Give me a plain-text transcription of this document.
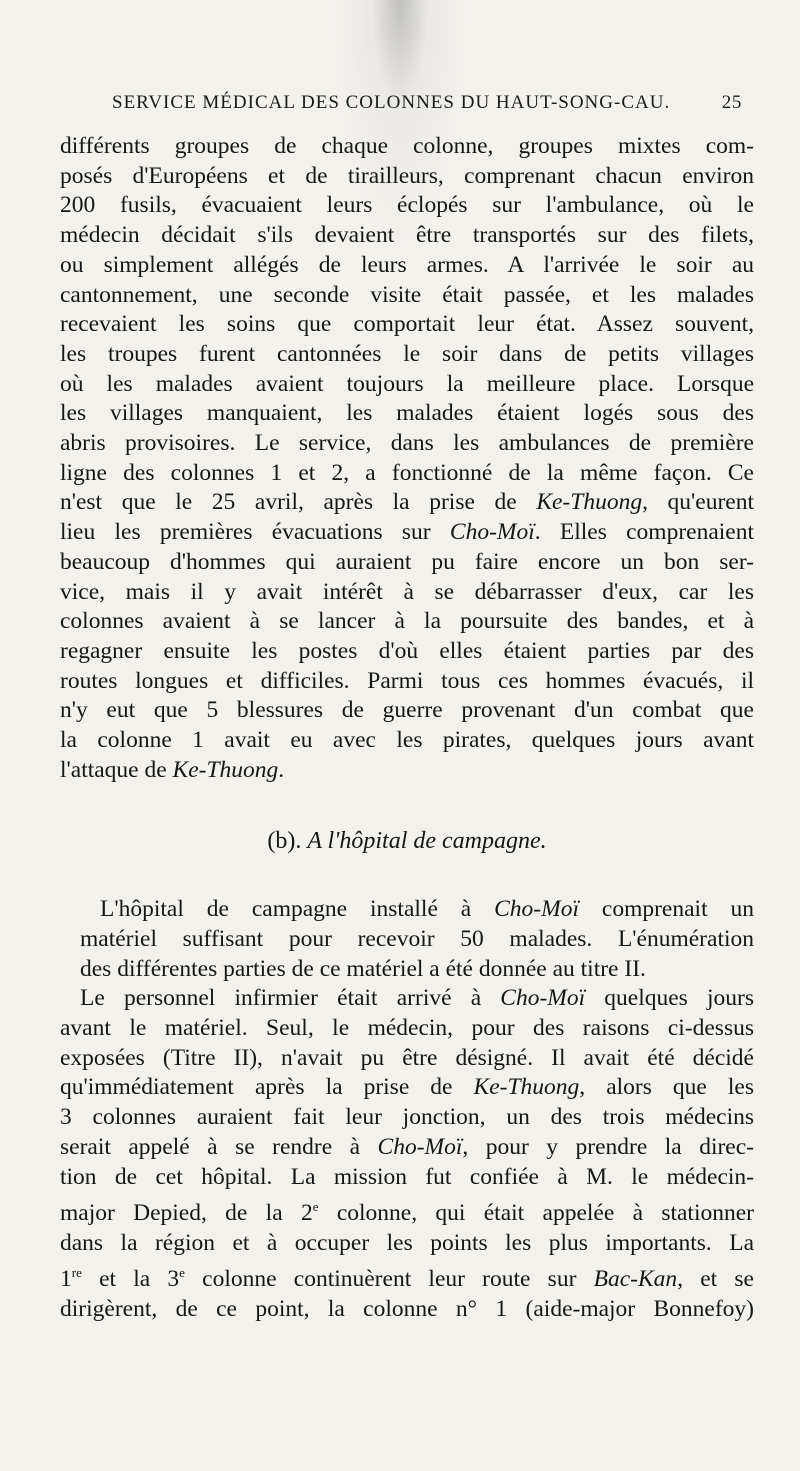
SERVICE MÉDICAL DES COLONNES DU HAUT-SONG-CAU.	25

différents groupes de chaque colonne, groupes mixtes com-
posés d'Européens et de tirailleurs, comprenant chacun environ
200 fusils, évacuaient leurs éclopés sur l'ambulance, où le
médecin décidait s'ils devaient être transportés sur des filets,
ou simplement allégés de leurs armes. A l'arrivée le soir au
cantonnement, une seconde visite était passée, et les malades
recevaient les soins que comportait leur état. Assez souvent,
les troupes furent cantonnées le soir dans de petits villages
où les malades avaient toujours la meilleure place. Lorsque
les villages manquaient, les malades étaient logés sous des
abris provisoires. Le service, dans les ambulances de première
ligne des colonnes 1 et 2, a fonctionné de la même façon. Ce
n'est que le 25 avril, après la prise de Ke-Thuong, qu'eurent
lieu les premières évacuations sur Cho-Moï. Elles comprenaient
beaucoup d'hommes qui auraient pu faire encore un bon ser-
vice, mais il y avait intérêt à se débarrasser d'eux, car les
colonnes avaient à se lancer à la poursuite des bandes, et à
regagner ensuite les postes d'où elles étaient parties par des
routes longues et difficiles. Parmi tous ces hommes évacués, il
n'y eut que 5 blessures de guerre provenant d'un combat que
la colonne 1 avait eu avec les pirates, quelques jours avant
l'attaque de Ke-Thuong.

(b). A l'hôpital de campagne.

L'hôpital de campagne installé à Cho-Moï comprenait un
matériel suffisant pour recevoir 50 malades. L'énumération
des différentes parties de ce matériel a été donnée au titre II.

Le personnel infirmier était arrivé à Cho-Moï quelques jours
avant le matériel. Seul, le médecin, pour des raisons ci-dessus
exposées (Titre II), n'avait pu être désigné. Il avait été décidé
qu'immédiatement après la prise de Ke-Thuong, alors que les
3 colonnes auraient fait leur jonction, un des trois médecins
serait appelé à se rendre à Cho-Moï, pour y prendre la direc-
tion de cet hôpital. La mission fut confiée à M. le médecin-
major Depied, de la 2e colonne, qui était appelée à stationner
dans la région et à occuper les points les plus importants. La
1re et la 3e colonne continuèrent leur route sur Bac-Kan, et se
dirigèrent, de ce point, la colonne n° 1 (aide-major Bonnefoy)
